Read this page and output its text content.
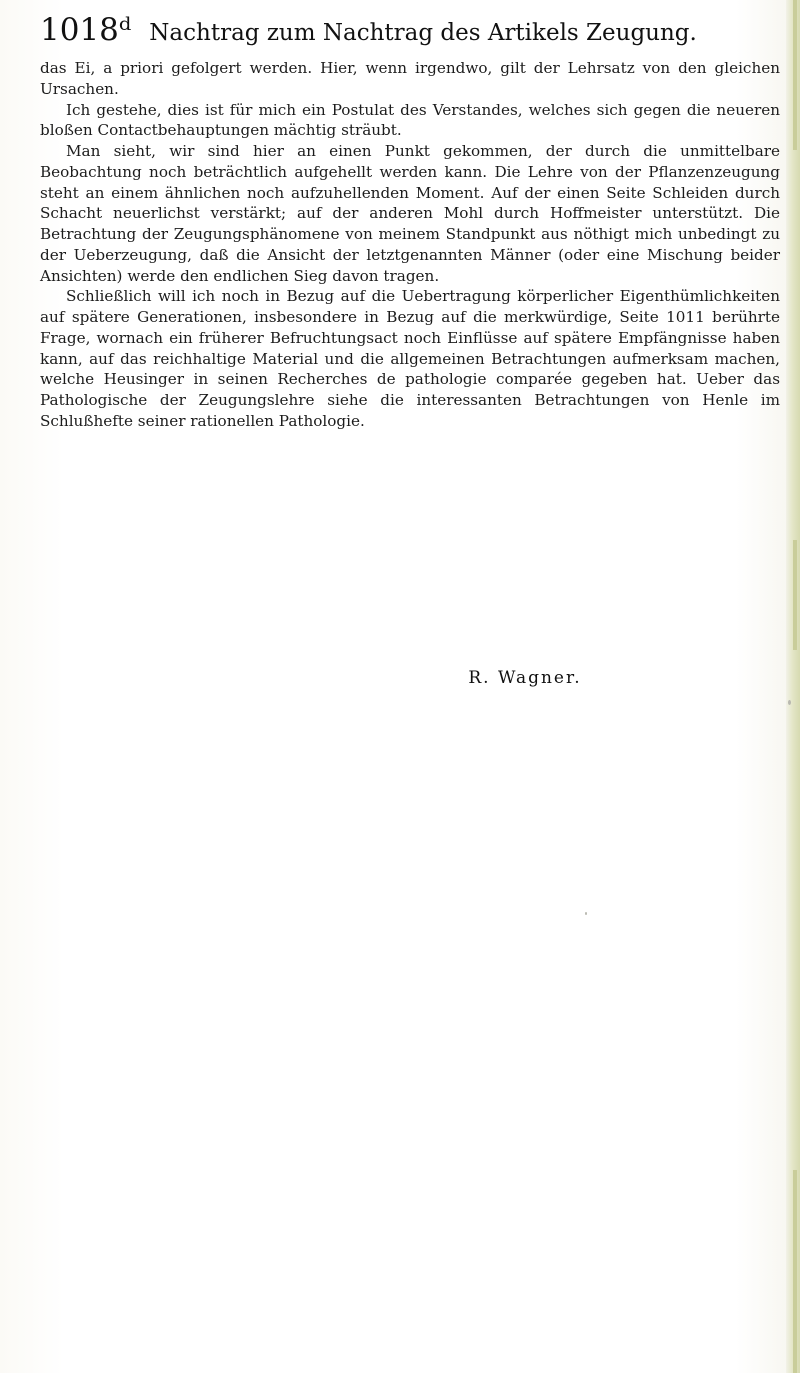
1018ᵈ Nachtrag zum Nachtrag des Artikels Zeugung.

das Ei, a priori gefolgert werden. Hier, wenn irgendwo, gilt der Lehrsatz von den gleichen Ursachen.

Ich gestehe, dies ist für mich ein Postulat des Verstandes, welches sich gegen die neueren bloßen Contactbehauptungen mächtig sträubt.

Man sieht, wir sind hier an einen Punkt gekommen, der durch die unmittelbare Beobachtung noch beträchtlich aufgehellt werden kann. Die Lehre von der Pflanzenzeugung steht an einem ähnlichen noch aufzuhellenden Moment. Auf der einen Seite Schleiden durch Schacht neuerlichst verstärkt; auf der anderen Mohl durch Hoffmeister unterstützt. Die Betrachtung der Zeugungsphänomene von meinem Standpunkt aus nöthigt mich unbedingt zu der Ueberzeugung, daß die Ansicht der letztgenannten Männer (oder eine Mischung beider Ansichten) werde den endlichen Sieg davon tragen.

Schließlich will ich noch in Bezug auf die Uebertragung körperlicher Eigenthümlichkeiten auf spätere Generationen, insbesondere in Bezug auf die merkwürdige, Seite 1011 berührte Frage, wornach ein früherer Befruchtungsact noch Einflüsse auf spätere Empfängnisse haben kann, auf das reichhaltige Material und die allgemeinen Betrachtungen aufmerksam machen, welche Heusinger in seinen Recherches de pathologie comparée gegeben hat. Ueber das Pathologische der Zeugungslehre siehe die interessanten Betrachtungen von Henle im Schlußhefte seiner rationellen Pathologie.

R. Wagner.
